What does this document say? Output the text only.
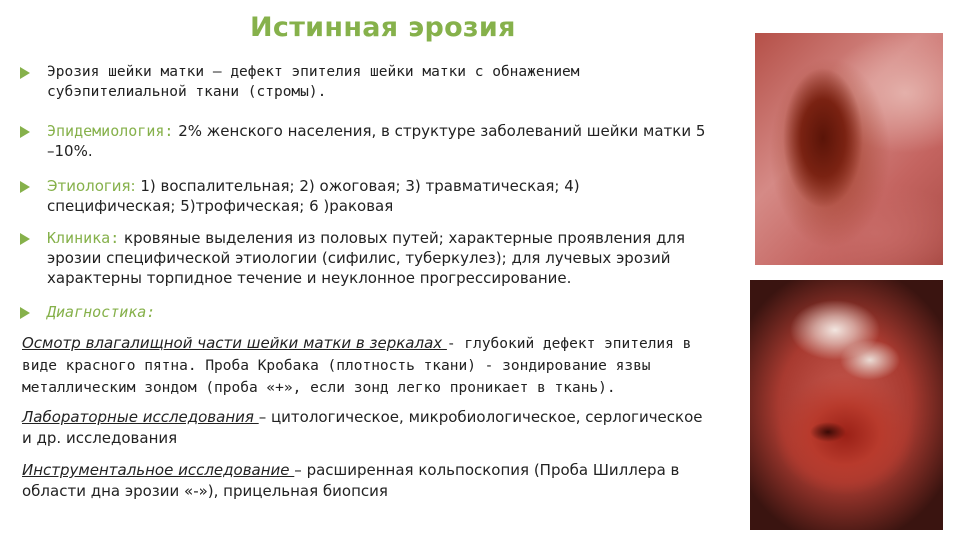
Истинная эрозия
Эрозия шейки матки – дефект эпителия шейки матки с обнажением
субэпителиальной ткани (стромы).
Эпидемиология: 2% женского населения, в структуре заболеваний шейки матки 5
–10%.
Этиология: 1) воспалительная; 2) ожоговая; 3) травматическая; 4)
специфическая; 5)трофическая; 6 )раковая
Клиника: кровяные выделения из половых путей; характерные проявления для
эрозии специфической этиологии (сифилис, туберкулез); для лучевых эрозий
характерны торпидное течение и неуклонное прогрессирование.
Диагностика:
Осмотр влагалищной части шейки матки в зеркалах - глубокий дефект эпителия в
виде красного пятна. Проба Кробака (плотность ткани) - зондирование язвы
металлическим зондом (проба «+», если зонд легко проникает в ткань).
Лабораторные исследования – цитологическое, микробиологическое, серлогическое
и др. исследования
Инструментальное исследование – расширенная кольпоскопия (Проба Шиллера в
области дна эрозии «-»), прицельная биопсия
